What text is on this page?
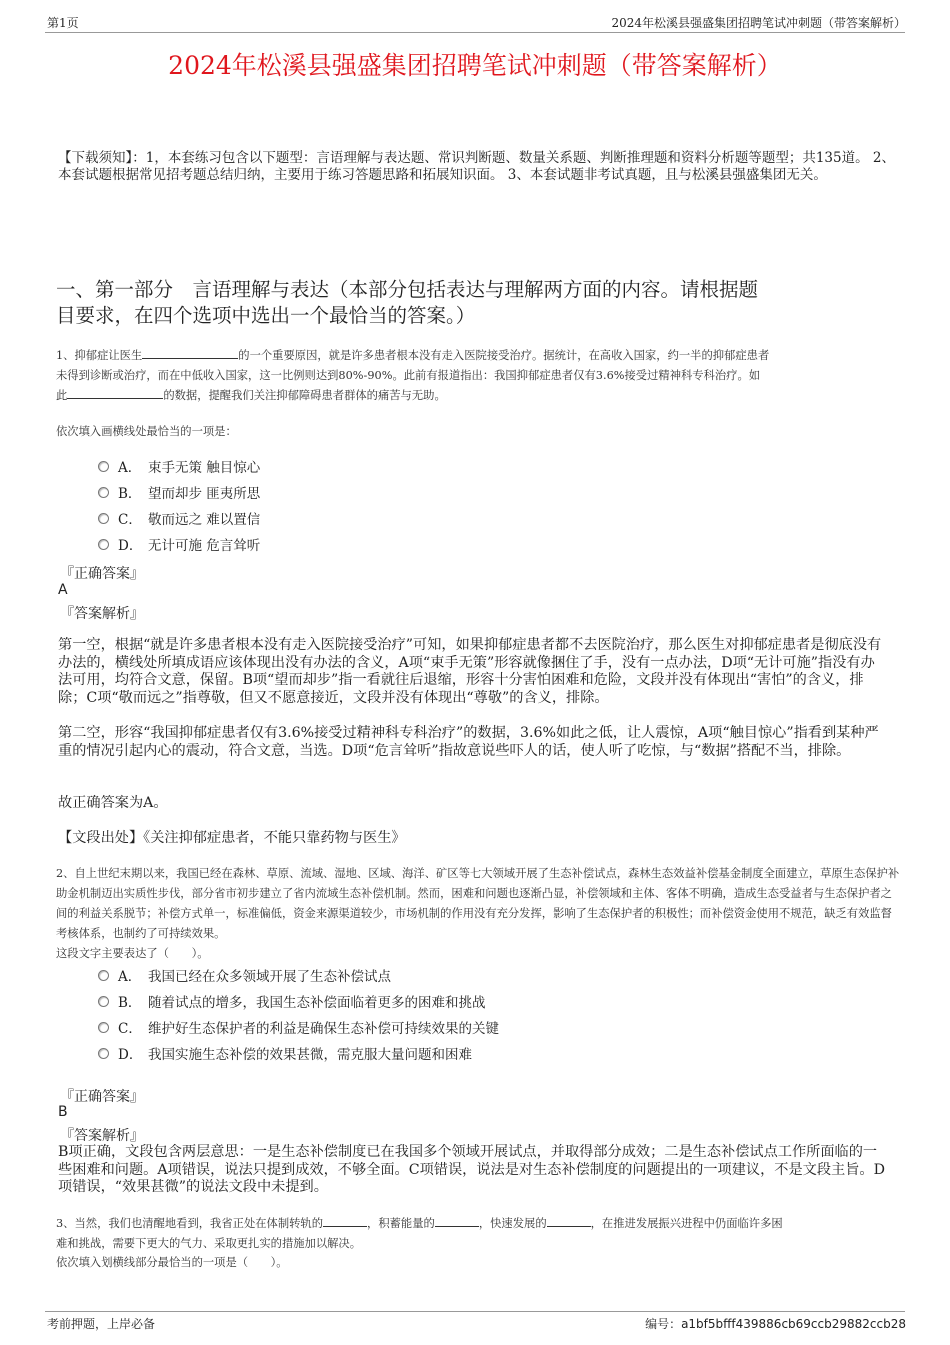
第1页	2024年松溪县强盛集团招聘笔试冲刺题（带答案解析）
2024年松溪县强盛集团招聘笔试冲刺题（带答案解析）
【下载须知】：1，本套练习包含以下题型：言语理解与表达题、常识判断题、数量关系题、判断推理题和资料分析题等题型；共135道。 2、本套试题根据常见招考题总结归纳，主要用于练习答题思路和拓展知识面。 3、本套试题非考试真题，且与松溪县强盛集团无关。
一、第一部分　言语理解与表达（本部分包括表达与理解两方面的内容。请根据题
目要求，在四个选项中选出一个最恰当的答案。）
1、抑郁症让医生	的一个重要原因，就是许多患者根本没有走入医院接受治疗。据统计，在高收入国家，约一半的抑郁症患者
未得到诊断或治疗，而在中低收入国家，这一比例则达到80%-90%。此前有报道指出：我国抑郁症患者仅有3.6%接受过精神科专科治疗。如
此	的数据，提醒我们关注抑郁障碍患者群体的痛苦与无助。
依次填入画横线处最恰当的一项是：
A． 束手无策 触目惊心
B． 望而却步 匪夷所思
C． 敬而远之 难以置信
D． 无计可施 危言耸听
『正确答案』
A
『答案解析』
第一空，根据“就是许多患者根本没有走入医院接受治疗”可知，如果抑郁症患者都不去医院治疗，那么医生对抑郁症患者是彻底没有办法的，横线处所填成语应该体现出没有办法的含义，A项“束手无策”形容就像捆住了手，没有一点办法，D项“无计可施”指没有办法可用，均符合文意，保留。B项“望而却步”指一看就往后退缩，形容十分害怕困难和危险，文段并没有体现出“害怕”的含义，排除；C项“敬而远之”指尊敬，但又不愿意接近，文段并没有体现出“尊敬”的含义，排除。
第二空，形容“我国抑郁症患者仅有3.6%接受过精神科专科治疗”的数据，3.6%如此之低，让人震惊，A项“触目惊心”指看到某种严重的情况引起内心的震动，符合文意，当选。D项“危言耸听”指故意说些吓人的话，使人听了吃惊，与“数据”搭配不当，排除。
故正确答案为A。
【文段出处】《关注抑郁症患者，不能只靠药物与医生》
2、自上世纪末期以来，我国已经在森林、草原、流域、湿地、区域、海洋、矿区等七大领域开展了生态补偿试点，森林生态效益补偿基金制度全面建立，草原生态保护补助金机制迈出实质性步伐，部分省市初步建立了省内流域生态补偿机制。然而，困难和问题也逐渐凸显，补偿领域和主体、客体不明确，造成生态受益者与生态保护者之间的利益关系脱节；补偿方式单一，标准偏低，资金来源渠道较少，市场机制的作用没有充分发挥，影响了生态保护者的积极性；而补偿资金使用不规范，缺乏有效监督考核体系，也制约了可持续效果。
这段文字主要表达了（　　）。
A． 我国已经在众多领域开展了生态补偿试点
B． 随着试点的增多，我国生态补偿面临着更多的困难和挑战
C． 维护好生态保护者的利益是确保生态补偿可持续效果的关键
D． 我国实施生态补偿的效果甚微，需克服大量问题和困难
『正确答案』
B
『答案解析』
B项正确，文段包含两层意思：一是生态补偿制度已在我国多个领域开展试点，并取得部分成效；二是生态补偿试点工作所面临的一些困难和问题。A项错误，说法只提到成效，不够全面。C项错误，说法是对生态补偿制度的问题提出的一项建议，不是文段主旨。D项错误，“效果甚微”的说法文段中未提到。
3、当然，我们也清醒地看到，我省正处在体制转轨的	，积蓄能量的	，快速发展的	，在推进发展振兴进程中仍面临许多困
难和挑战，需要下更大的气力、采取更扎实的措施加以解决。
依次填入划横线部分最恰当的一项是（　　）。
考前押题，上岸必备	编号：a1bf5bfff439886cb69ccb29882ccb28
